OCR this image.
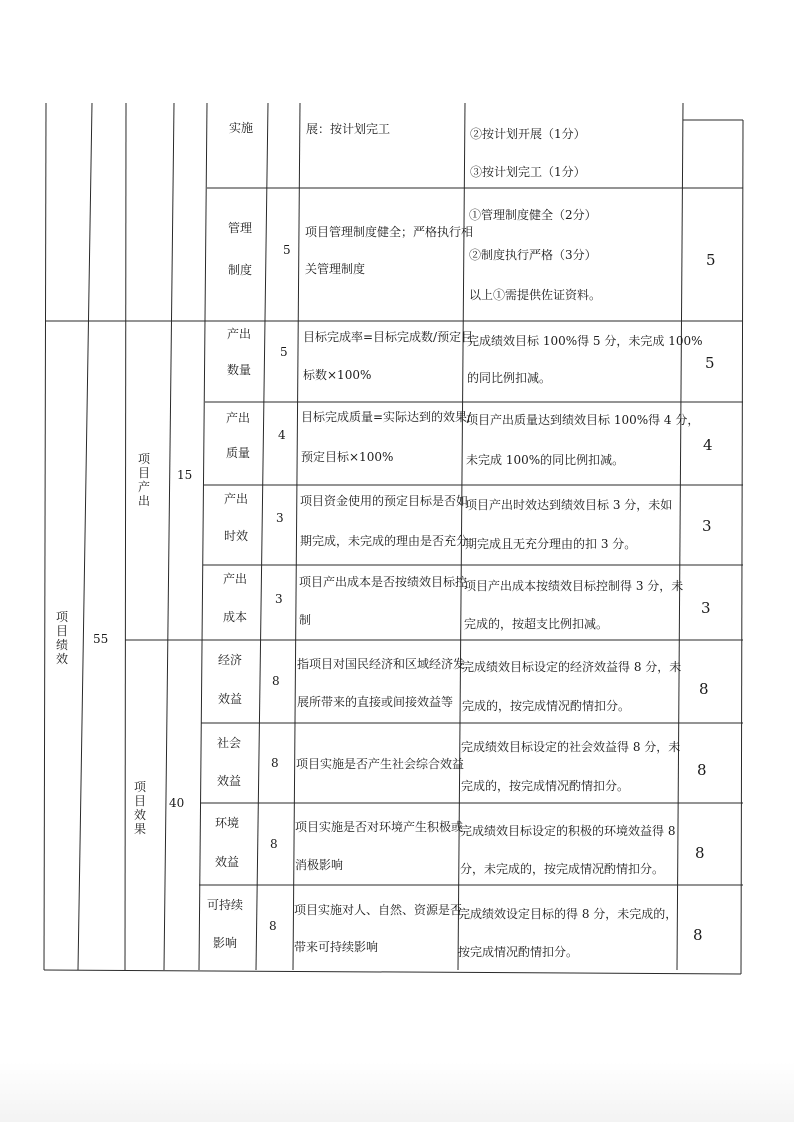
项目绩效
55
项目产出
15
项目效果
40
实施	展：按计划完工	②按计划开展（1分）
③按计划完工（1分）
管理
制度
5
项目管理制度健全；严格执行相
关管理制度
①管理制度健全（2分）
②制度执行严格（3分）
以上①需提供佐证资料。
5
产出
数量
5
目标完成率=目标完成数/预定目
标数×100%
完成绩效目标 100%得 5 分，未完成 100%
的同比例扣减。
5
产出
质量
4
目标完成质量=实际达到的效果/
预定目标×100%
项目产出质量达到绩效目标 100%得 4 分，
未完成 100%的同比例扣减。
4
产出
时效
3
项目资金使用的预定目标是否如
期完成，未完成的理由是否充分
项目产出时效达到绩效目标 3 分，未如
期完成且无充分理由的扣 3 分。
3
产出
成本
3
项目产出成本是否按绩效目标控
制
项目产出成本按绩效目标控制得 3 分，未
完成的，按超支比例扣减。
3
经济
效益
8
指项目对国民经济和区域经济发
展所带来的直接或间接效益等
完成绩效目标设定的经济效益得 8 分，未
完成的，按完成情况酌情扣分。
8
社会
效益
8 项目实施是否产生社会综合效益
完成绩效目标设定的社会效益得 8 分，未
完成的，按完成情况酌情扣分。
8
环境
效益
8
项目实施是否对环境产生积极或
消极影响
完成绩效目标设定的积极的环境效益得 8
分，未完成的，按完成情况酌情扣分。
8
可持续
影响
8
项目实施对人、自然、资源是否
带来可持续影响
完成绩效设定目标的得 8 分，未完成的，
按完成情况酌情扣分。
8
